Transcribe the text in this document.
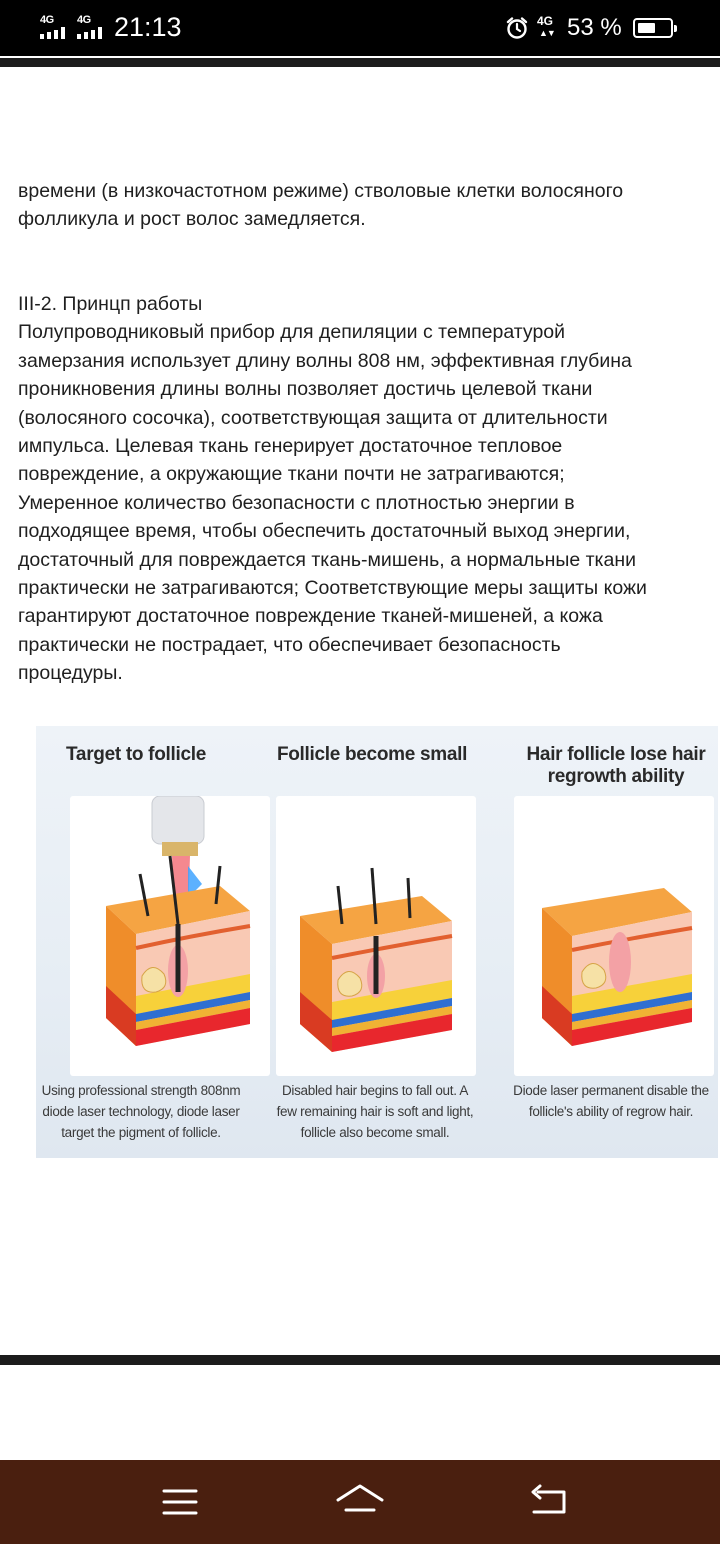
4G 4G 21:13	4G
▲▼ 53 %
времени (в низкочастотном режиме) стволовые клетки волосяного
фолликула и рост волос замедляется.
III-2. Принцп работы
Полупроводниковый прибор для депиляции с температурой
замерзания использует длину волны 808 нм, эффективная глубина
проникновения длины волны позволяет достичь целевой ткани
(волосяного сосочка), соответствующая защита от длительности
импульса. Целевая ткань генерирует достаточное тепловое
повреждение, а окружающие ткани почти не затрагиваются;
Умеренное количество безопасности с плотностью энергии в
подходящее время, чтобы обеспечить достаточный выход энергии,
достаточный для повреждается ткань-мишень, а нормальные ткани
практически не затрагиваются; Соответствующие меры защиты кожи
гарантируют достаточное повреждение тканей-мишеней, а кожа
практически не пострадает, что обеспечивает безопасность
процедуры.
Target to follicle	Follicle become small	Hair follicle lose hair
regrowth ability
Using professional strength 808nm
diode laser technology, diode laser
target the pigment of follicle.
Disabled hair begins to fall out. A
few remaining hair is soft and light,
follicle also become small.
Diode laser permanent disable the
follicle's ability of regrow hair.
